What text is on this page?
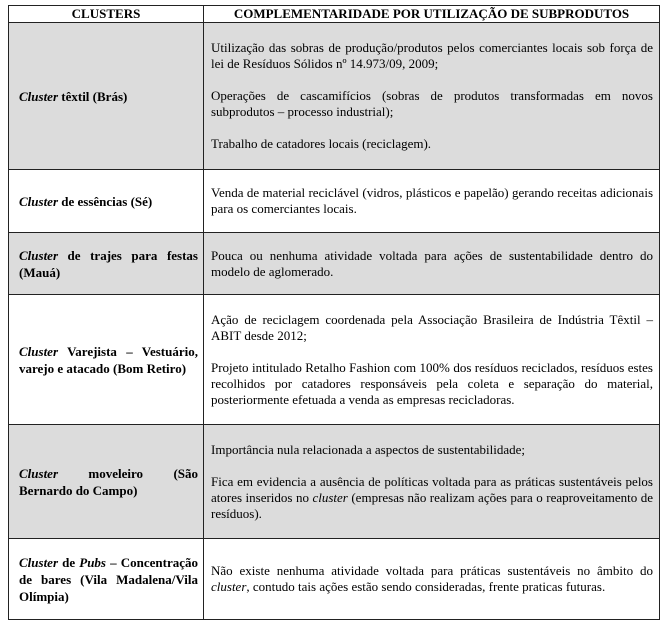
CLUSTERS	COMPLEMENTARIDADE POR UTILIZAÇÃO DE SUBPRODUTOS
Cluster têxtil (Brás)	Utilização das sobras de produção/produtos pelos comerciantes locais sob força de lei de Resíduos Sólidos nº 14.973/09, 2009;

Operações de cascamifícios (sobras de produtos transformadas em novos subprodutos – processo industrial);

Trabalho de catadores locais (reciclagem).

Cluster de essências (Sé)	Venda de material reciclável (vidros, plásticos e papelão) gerando receitas adicionais para os comerciantes locais.

Cluster de trajes para festas (Mauá)	Pouca ou nenhuma atividade voltada para ações de sustentabilidade dentro do modelo de aglomerado.

Cluster Varejista – Vestuário, varejo e atacado (Bom Retiro)	Ação de reciclagem coordenada pela Associação Brasileira de Indústria Têxtil – ABIT desde 2012;

Projeto intitulado Retalho Fashion com 100% dos resíduos reciclados, resíduos estes recolhidos por catadores responsáveis pela coleta e separação do material, posteriormente efetuada a venda as empresas recicladoras.

Cluster moveleiro (São Bernardo do Campo)	Importância nula relacionada a aspectos de sustentabilidade;

Fica em evidencia a ausência de políticas voltada para as práticas sustentáveis pelos atores inseridos no cluster (empresas não realizam ações para o reaproveitamento de resíduos).

Cluster de Pubs – Concentração de bares (Vila Madalena/Vila Olímpia)	Não existe nenhuma atividade voltada para práticas sustentáveis no âmbito do cluster, contudo tais ações estão sendo consideradas, frente praticas futuras.
